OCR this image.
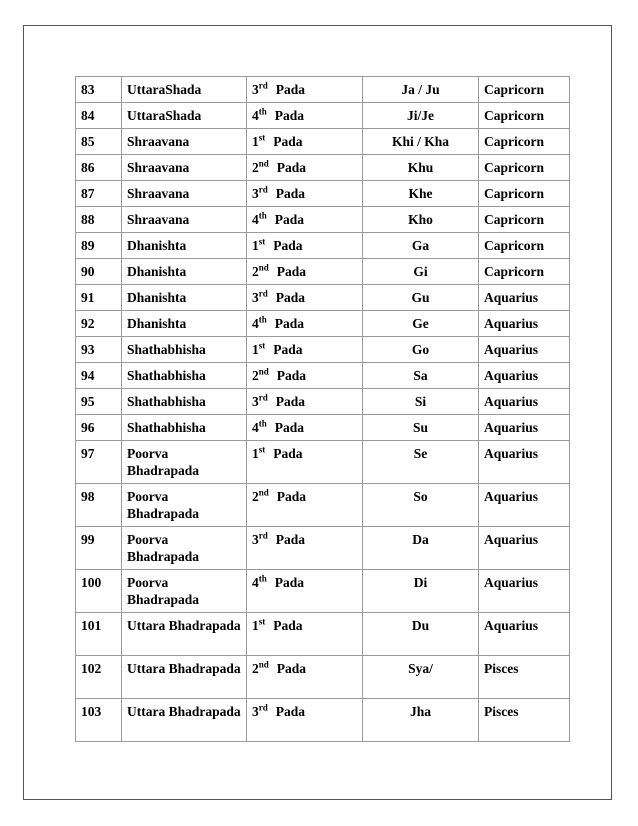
83	UttaraShada	3rd Pada	Ja / Ju	Capricorn
84	UttaraShada	4th Pada	Ji/Je	Capricorn
85	Shraavana	1st Pada	Khi / Kha	Capricorn
86	Shraavana	2nd Pada	Khu	Capricorn
87	Shraavana	3rd Pada	Khe	Capricorn
88	Shraavana	4th Pada	Kho	Capricorn
89	Dhanishta	1st Pada	Ga	Capricorn
90	Dhanishta	2nd Pada	Gi	Capricorn
91	Dhanishta	3rd Pada	Gu	Aquarius
92	Dhanishta	4th Pada	Ge	Aquarius
93	Shathabhisha	1st Pada	Go	Aquarius
94	Shathabhisha	2nd Pada	Sa	Aquarius
95	Shathabhisha	3rd Pada	Si	Aquarius
96	Shathabhisha	4th Pada	Su	Aquarius
97	Poorva Bhadrapada	1st Pada	Se	Aquarius
98	Poorva Bhadrapada	2nd Pada	So	Aquarius
99	Poorva Bhadrapada	3rd Pada	Da	Aquarius
100	Poorva Bhadrapada	4th Pada	Di	Aquarius
101	Uttara Bhadrapada	1st Pada	Du	Aquarius
102	Uttara Bhadrapada	2nd Pada	Sya/	Pisces
103	Uttara Bhadrapada	3rd Pada	Jha	Pisces
